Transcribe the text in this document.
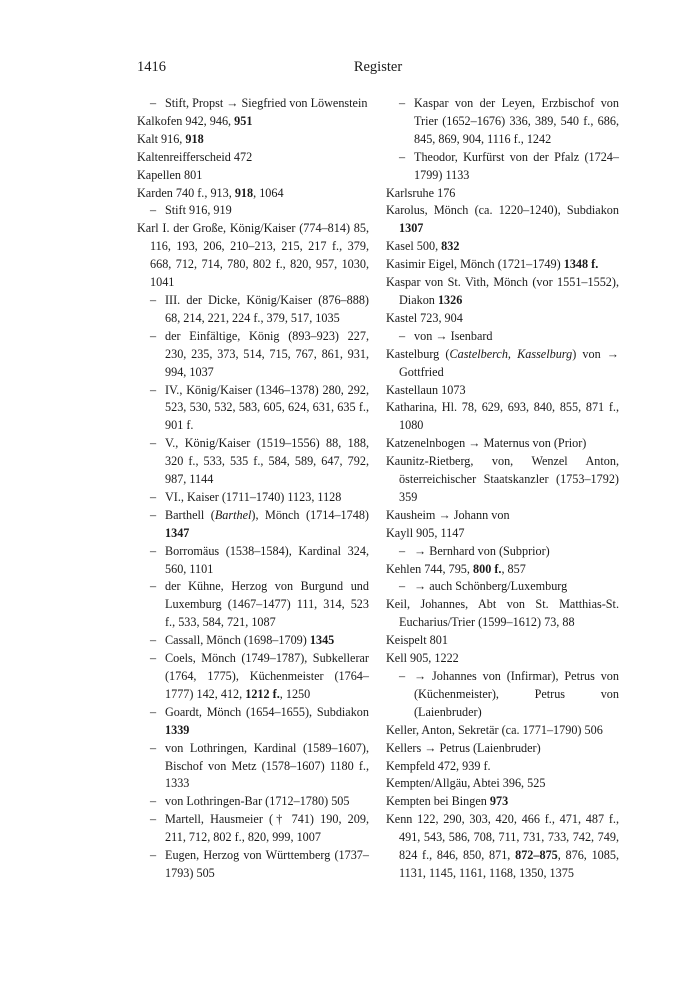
1416	Register
– Stift, Propst → Siegfried von Löwenstein
Kalkofen 942, 946, 951
Kalt 916, 918
Kaltenreifferscheid 472
Kapellen 801
Karden 740 f., 913, 918, 1064
– Stift 916, 919
Karl I. der Große, König/Kaiser (774–814) 85, 116, 193, 206, 210–213, 215, 217 f., 379, 668, 712, 714, 780, 802 f., 820, 957, 1030, 1041
– III. der Dicke, König/Kaiser (876–888) 68, 214, 221, 224 f., 379, 517, 1035
– der Einfältige, König (893–923) 227, 230, 235, 373, 514, 715, 767, 861, 931, 994, 1037
– IV., König/Kaiser (1346–1378) 280, 292, 523, 530, 532, 583, 605, 624, 631, 635 f., 901 f.
– V., König/Kaiser (1519–1556) 88, 188, 320 f., 533, 535 f., 584, 589, 647, 792, 987, 1144
– VI., Kaiser (1711–1740) 1123, 1128
– Barthell (Barthel), Mönch (1714–1748) 1347
– Borromäus (1538–1584), Kardinal 324, 560, 1101
– der Kühne, Herzog von Burgund und Luxemburg (1467–1477) 111, 314, 523 f., 533, 584, 721, 1087
– Cassall, Mönch (1698–1709) 1345
– Coels, Mönch (1749–1787), Subkellerar (1764, 1775), Küchenmeister (1764–1777) 142, 412, 1212 f., 1250
– Goardt, Mönch (1654–1655), Subdiakon 1339
– von Lothringen, Kardinal (1589–1607), Bischof von Metz (1578–1607) 1180 f., 1333
– von Lothringen-Bar (1712–1780) 505
– Martell, Hausmeier († 741) 190, 209, 211, 712, 802 f., 820, 999, 1007
– Eugen, Herzog von Württemberg (1737–1793) 505
– Kaspar von der Leyen, Erzbischof von Trier (1652–1676) 336, 389, 540 f., 686, 845, 869, 904, 1116 f., 1242
– Theodor, Kurfürst von der Pfalz (1724–1799) 1133
Karlsruhe 176
Karolus, Mönch (ca. 1220–1240), Subdiakon 1307
Kasel 500, 832
Kasimir Eigel, Mönch (1721–1749) 1348 f.
Kaspar von St. Vith, Mönch (vor 1551–1552), Diakon 1326
Kastel 723, 904
– von → Isenbard
Kastelburg (Castelberch, Kasselburg) von → Gottfried
Kastellaun 1073
Katharina, Hl. 78, 629, 693, 840, 855, 871 f., 1080
Katzenelnbogen → Maternus von (Prior)
Kaunitz-Rietberg, von, Wenzel Anton, österreichischer Staatskanzler (1753–1792) 359
Kausheim → Johann von
Kayll 905, 1147
– → Bernhard von (Subprior)
Kehlen 744, 795, 800 f., 857
– → auch Schönberg/Luxemburg
Keil, Johannes, Abt von St. Matthias-St. Eucharius/Trier (1599–1612) 73, 88
Keispelt 801
Kell 905, 1222
– → Johannes von (Infirmar), Petrus von (Küchenmeister), Petrus von (Laienbruder)
Keller, Anton, Sekretär (ca. 1771–1790) 506
Kellers → Petrus (Laienbruder)
Kempfeld 472, 939 f.
Kempten/Allgäu, Abtei 396, 525
Kempten bei Bingen 973
Kenn 122, 290, 303, 420, 466 f., 471, 487 f., 491, 543, 586, 708, 711, 731, 733, 742, 749, 824 f., 846, 850, 871, 872–875, 876, 1085, 1131, 1145, 1161, 1168, 1350, 1375
